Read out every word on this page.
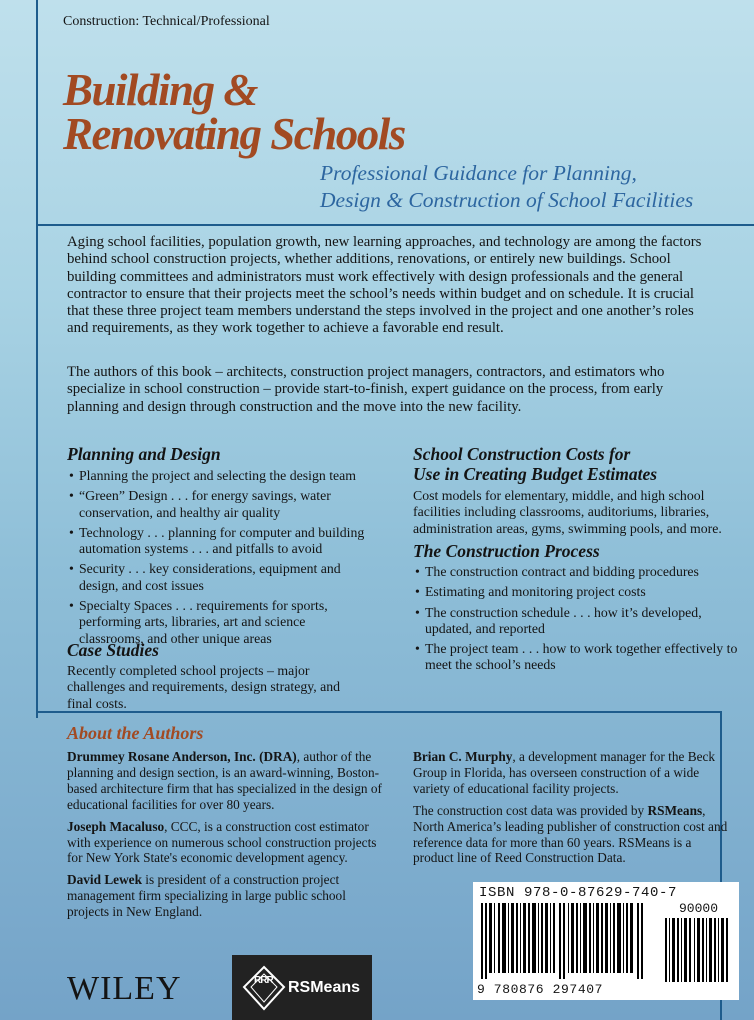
Construction: Technical/Professional
Building &
Renovating Schools

Professional Guidance for Planning,
Design & Construction of School Facilities

Aging school facilities, population growth, new learning approaches, and technology are among the factors behind school construction projects, whether additions, renovations, or entirely new buildings. School building committees and administrators must work effectively with design professionals and the general contractor to ensure that their projects meet the school’s needs within budget and on schedule. It is crucial that these three project team members understand the steps involved in the project and one another’s roles and requirements, as they work together to achieve a favorable end result.

The authors of this book – architects, construction project managers, contractors, and estimators who specialize in school construction – provide start-to-finish, expert guidance on the process, from early planning and design through construction and the move into the new facility.

Planning and Design
• Planning the project and selecting the design team
• “Green” Design . . . for energy savings, water conservation, and healthy air quality
• Technology . . . planning for computer and building automation systems . . . and pitfalls to avoid
• Security . . . key considerations, equipment and design, and cost issues
• Specialty Spaces . . . requirements for sports, performing arts, libraries, art and science classrooms, and other unique areas
Case Studies

Recently completed school projects – major challenges and requirements, design strategy, and final costs.

School Construction Costs for
Use in Creating Budget Estimates

Cost models for elementary, middle, and high school facilities including classrooms, auditoriums, libraries, administration areas, gyms, swimming pools, and more.

The Construction Process
• The construction contract and bidding procedures
• Estimating and monitoring project costs
• The construction schedule . . . how it’s developed, updated, and reported
• The project team . . . how to work together effectively to meet the school’s needs
About the Authors

Drummey Rosane Anderson, Inc. (DRA), author of the planning and design section, is an award-winning, Boston-based architecture firm that has specialized in the design of educational facilities for over 80 years.

Joseph Macaluso, CCC, is a construction cost estimator with experience on numerous school construction projects for New York State's economic development agency.

David Lewek is president of a construction project management firm specializing in large public school projects in New England.

Brian C. Murphy, a development manager for the Beck Group in Florida, has overseen construction of a wide variety of educational facility projects.

The construction cost data was provided by RSMeans, North America’s leading publisher of construction cost and reference data for more than 60 years. RSMeans is a product line of Reed Construction Data.

ISBN 978-0-87629-740-7
90000
9 780876 297407
WILEY	RRR RSMeans
